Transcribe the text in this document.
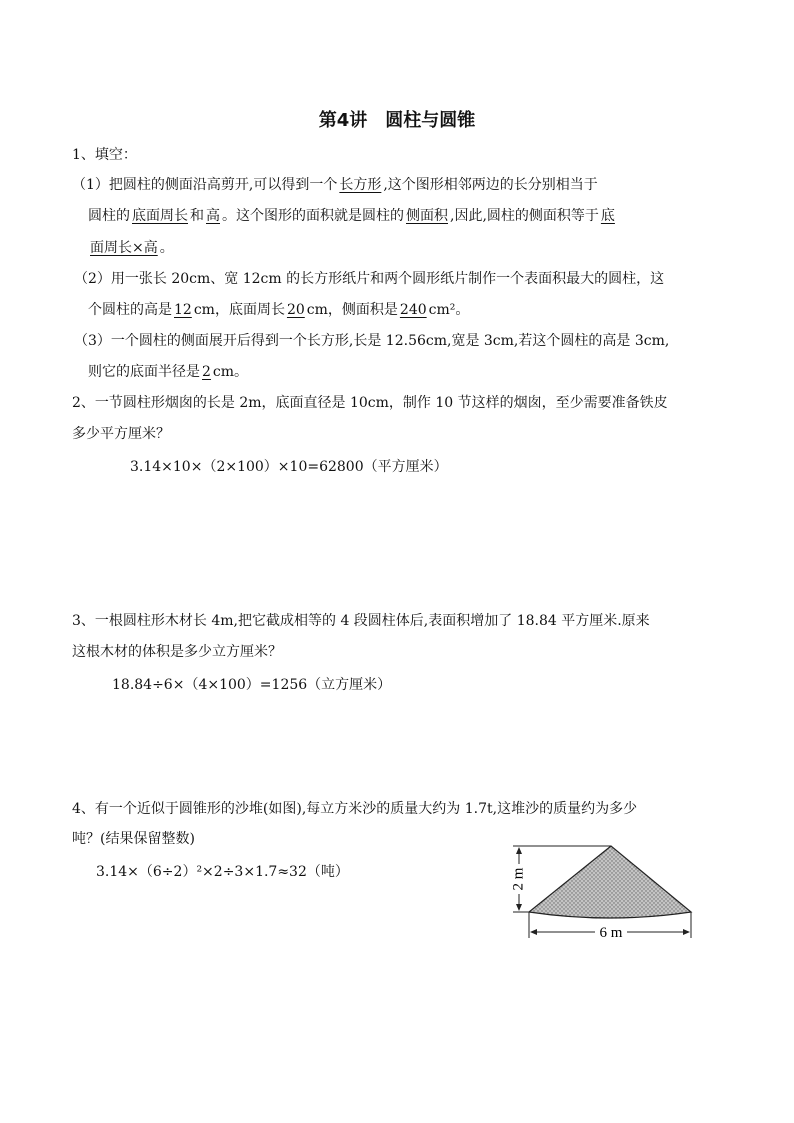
第4讲　圆柱与圆锥
1、填空：
（1）把圆柱的侧面沿高剪开,可以得到一个 长方形 ,这个图形相邻两边的长分别相当于
圆柱的 底面周长 和 高 。这个图形的面积就是圆柱的 侧面积 ,因此,圆柱的侧面积等于 底
面周长×高 。
（2）用一张长 20cm、宽 12cm 的长方形纸片和两个圆形纸片制作一个表面积最大的圆柱，这
个圆柱的高是 12 cm，底面周长 20 cm，侧面积是 240 cm²。
（3）一个圆柱的侧面展开后得到一个长方形,长是 12.56cm,宽是 3cm,若这个圆柱的高是 3cm,
则它的底面半径是 2 cm。
2、一节圆柱形烟囱的长是 2m，底面直径是 10cm，制作 10 节这样的烟囱，至少需要准备铁皮
多少平方厘米？
3.14×10×（2×100）×10=62800（平方厘米）
3、一根圆柱形木材长 4m,把它截成相等的 4 段圆柱体后,表面积增加了 18.84 平方厘米.原来
这根木材的体积是多少立方厘米？
18.84÷6×（4×100）=1256（立方厘米）
4、有一个近似于圆锥形的沙堆(如图),每立方米沙的质量大约为 1.7t,这堆沙的质量约为多少
吨？(结果保留整数)
3.14×（6÷2）²×2÷3×1.7≈32（吨）
6 m
2 m
